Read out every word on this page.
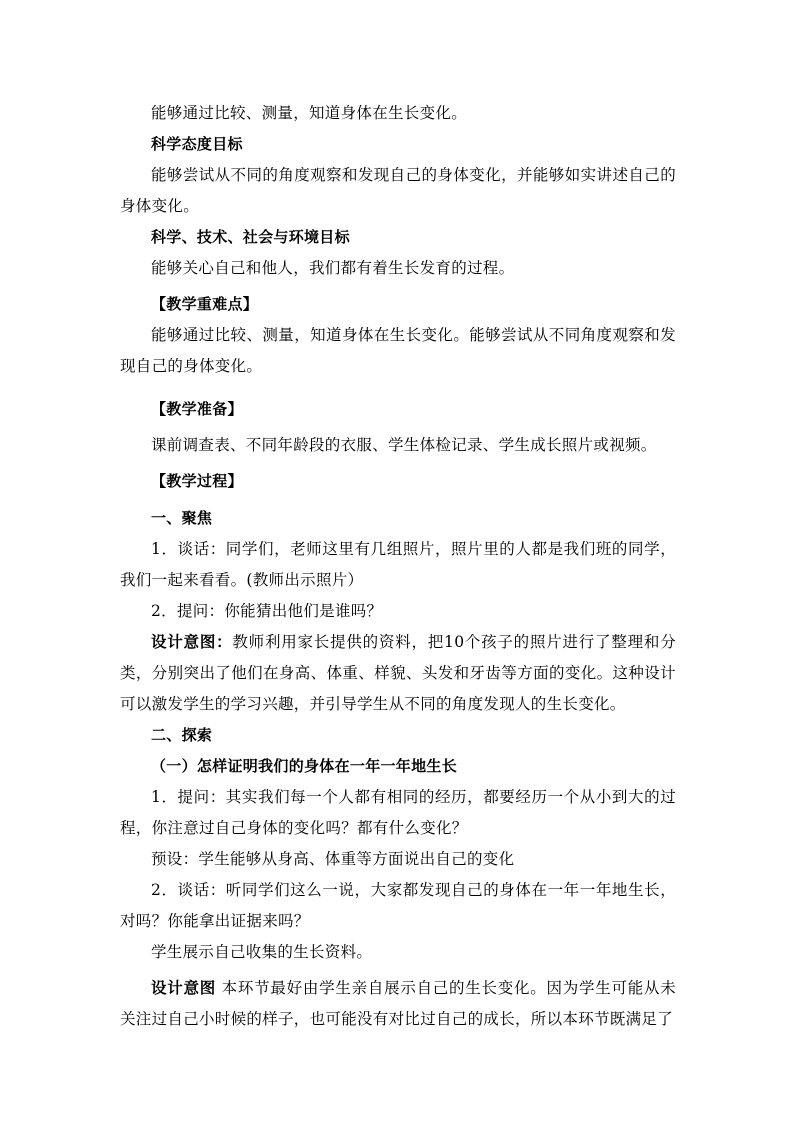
能够通过比较、测量，知道身体在生长变化。

科学态度目标

能够尝试从不同的角度观察和发现自己的身体变化，并能够如实讲述自己的身体变化。

科学、技术、社会与环境目标

能够关心自己和他人，我们都有着生长发育的过程。

【教学重难点】

能够通过比较、测量，知道身体在生长变化。能够尝试从不同角度观察和发现自己的身体变化。

【教学准备】

课前调查表、不同年龄段的衣服、学生体检记录、学生成长照片或视频。

【教学过程】

一、聚焦

1．谈话：同学们，老师这里有几组照片，照片里的人都是我们班的同学，我们一起来看看。(教师出示照片）

2．提问：你能猜出他们是谁吗？

设计意图：教师利用家长提供的资料，把10个孩子的照片进行了整理和分类，分别突出了他们在身高、体重、样貌、头发和牙齿等方面的变化。这种设计可以激发学生的学习兴趣，并引导学生从不同的角度发现人的生长变化。

二、探索

（一）怎样证明我们的身体在一年一年地生长

1．提问：其实我们每一个人都有相同的经历，都要经历一个从小到大的过程，你注意过自己身体的变化吗？都有什么变化？

预设：学生能够从身高、体重等方面说出自己的变化

2．谈话：听同学们这么一说，大家都发现自己的身体在一年一年地生长，对吗？你能拿出证据来吗？

学生展示自己收集的生长资料。

设计意图 本环节最好由学生亲自展示自己的生长变化。因为学生可能从未关注过自己小时候的样子，也可能没有对比过自己的成长，所以本环节既满足了
